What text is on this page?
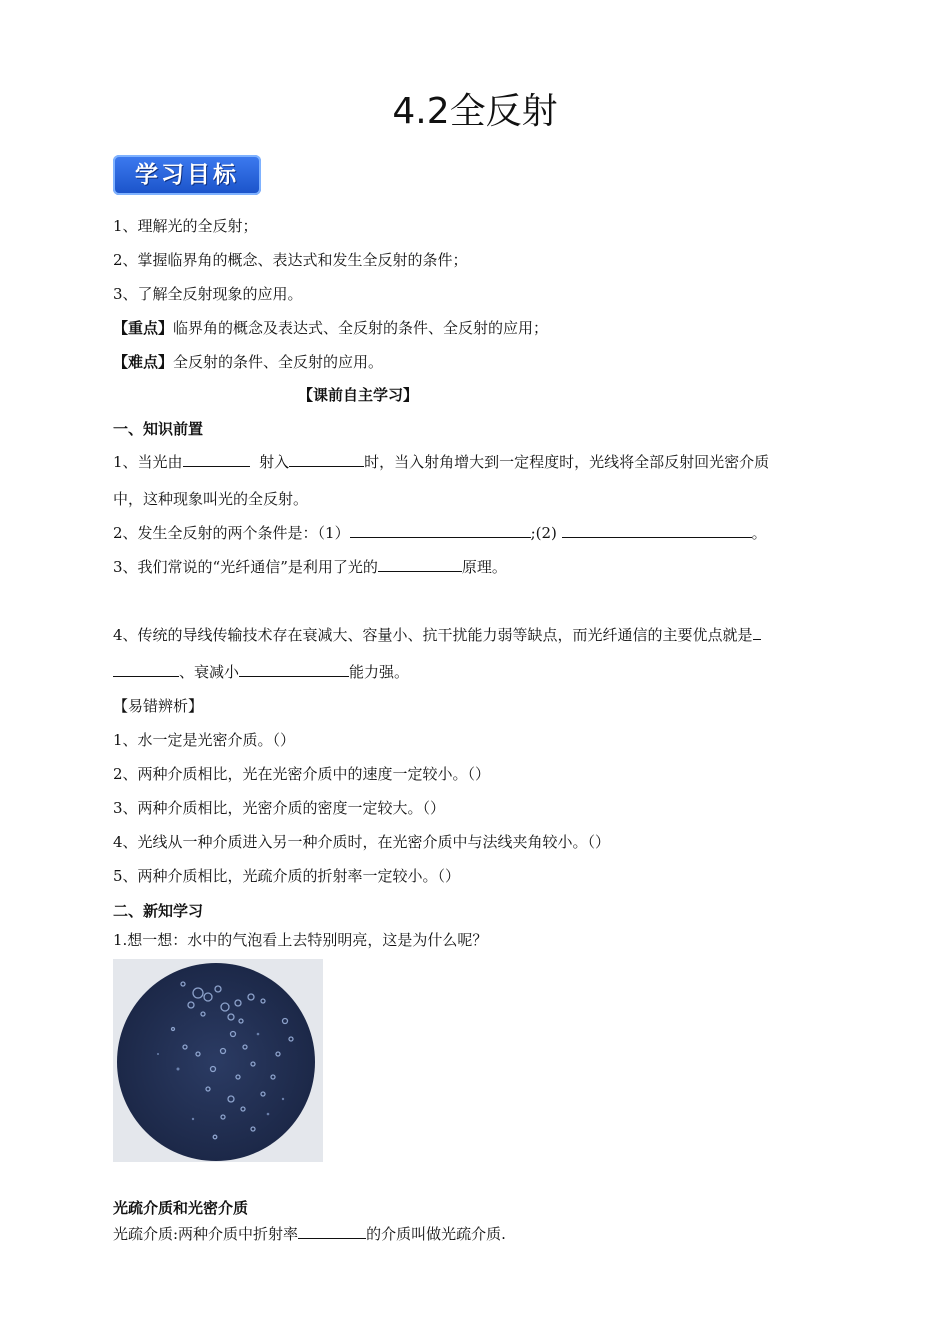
4.2全反射
学习目标
1、理解光的全反射；
2、掌握临界角的概念、表达式和发生全反射的条件；
3、了解全反射现象的应用。
【重点】临界角的概念及表达式、全反射的条件、全反射的应用；
【难点】全反射的条件、全反射的应用。
【课前自主学习】
一、知识前置
1、当光由	射入	时，当入射角增大到一定程度时，光线将全部反射回光密介质
中，这种现象叫光的全反射。
2、发生全反射的两个条件是：（1）	;(2)	。
3、我们常说的“光纤通信”是利用了光的	原理。
4、传统的导线传输技术存在衰减大、容量小、抗干扰能力弱等缺点，而光纤通信的主要优点就是
、衰减小	能力强。
【易错辨析】
1、水一定是光密介质。（）
2、两种介质相比，光在光密介质中的速度一定较小。（）
3、两种介质相比，光密介质的密度一定较大。（）
4、光线从一种介质进入另一种介质时，在光密介质中与法线夹角较小。（）
5、两种介质相比，光疏介质的折射率一定较小。（）
二、新知学习
1.想一想：水中的气泡看上去特别明亮，这是为什么呢？
光疏介质和光密介质
光疏介质:两种介质中折射率	的介质叫做光疏介质.
